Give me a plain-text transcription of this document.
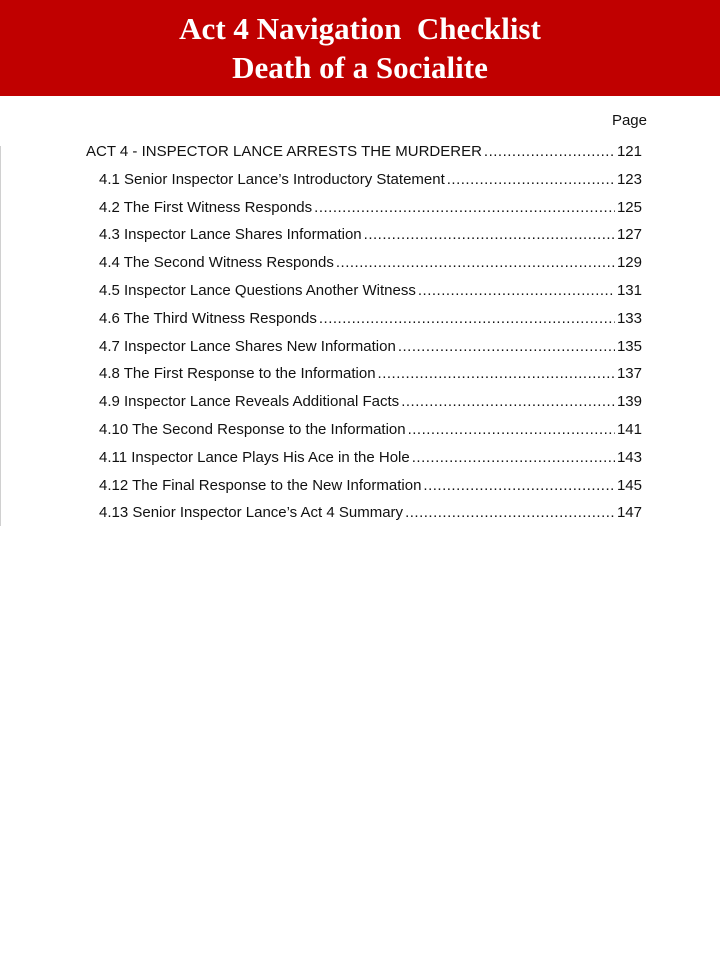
Act 4 Navigation  Checklist
Death of a Socialite
Page
ACT 4 - INSPECTOR LANCE ARRESTS THE MURDERER .....	121
4.1 Senior Inspector Lance’s Introductory Statement .....	123
4.2 The First Witness Responds .....	125
4.3 Inspector Lance Shares Information .....	127
4.4 The Second Witness Responds .....	129
4.5 Inspector Lance Questions Another Witness .....	131
4.6 The Third Witness Responds .....	133
4.7 Inspector Lance Shares New Information .....	135
4.8 The First Response to the Information .....	137
4.9 Inspector Lance Reveals Additional Facts .....	139
4.10 The Second Response to the Information .....	141
4.11 Inspector Lance Plays His Ace in the Hole .....	143
4.12 The Final Response to the New Information .....	145
4.13 Senior Inspector Lance’s Act 4 Summary .....	147
